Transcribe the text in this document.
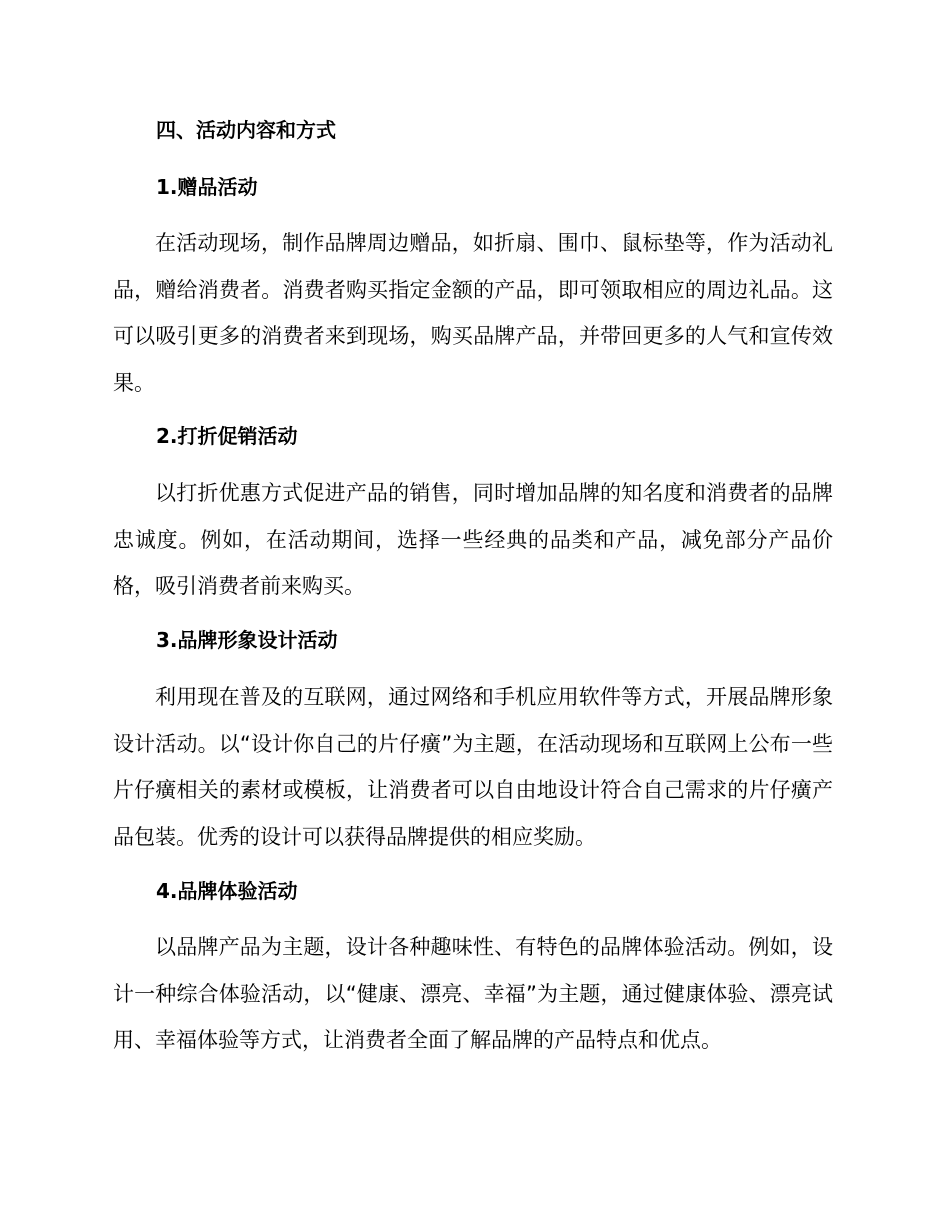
四、活动内容和方式
1.赠品活动

在活动现场，制作品牌周边赠品，如折扇、围巾、鼠标垫等，作为活动礼品，赠给消费者。消费者购买指定金额的产品，即可领取相应的周边礼品。这可以吸引更多的消费者来到现场，购买品牌产品，并带回更多的人气和宣传效果。

2.打折促销活动

以打折优惠方式促进产品的销售，同时增加品牌的知名度和消费者的品牌忠诚度。例如，在活动期间，选择一些经典的品类和产品，减免部分产品价格，吸引消费者前来购买。

3.品牌形象设计活动

利用现在普及的互联网，通过网络和手机应用软件等方式，开展品牌形象设计活动。以“设计你自己的片仔癀”为主题，在活动现场和互联网上公布一些片仔癀相关的素材或模板，让消费者可以自由地设计符合自己需求的片仔癀产品包装。优秀的设计可以获得品牌提供的相应奖励。

4.品牌体验活动

以品牌产品为主题，设计各种趣味性、有特色的品牌体验活动。例如，设计一种综合体验活动，以“健康、漂亮、幸福”为主题，通过健康体验、漂亮试用、幸福体验等方式，让消费者全面了解品牌的产品特点和优点。
